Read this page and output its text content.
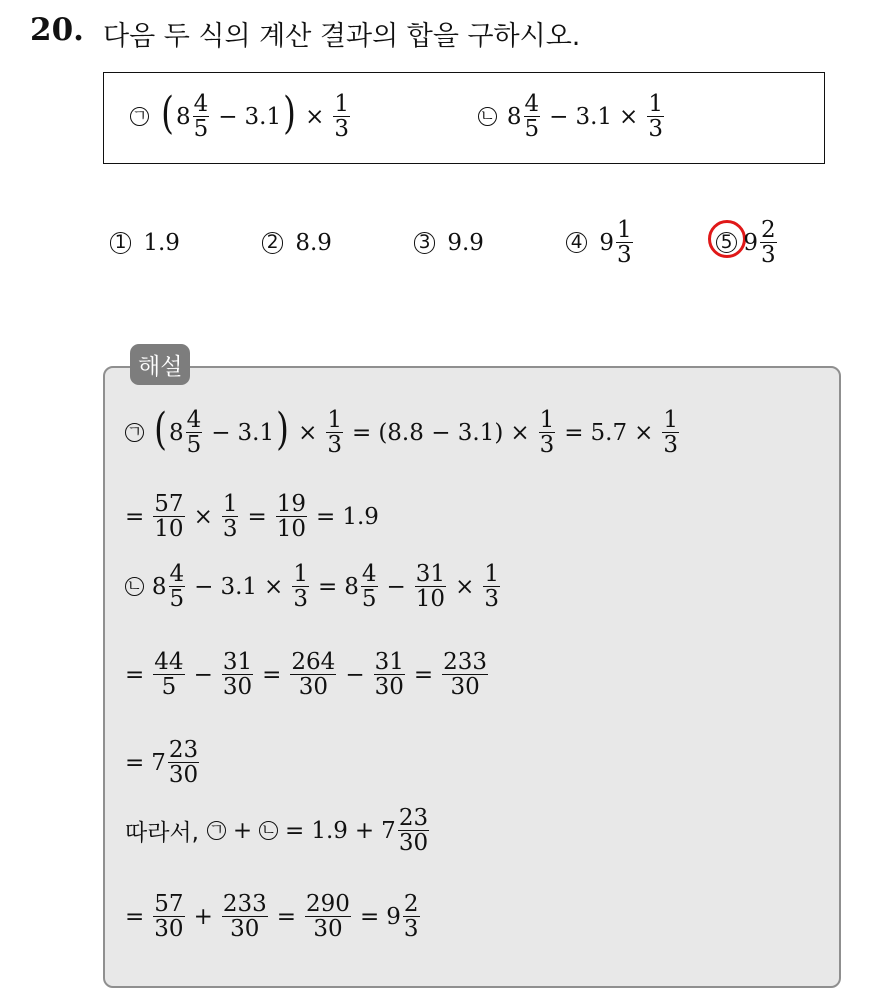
20. 다음 두 식의 계산 결과의 합을 구하시오.
ㄱ ( $8 \frac{4}{5} - 3.1$ ) × $\frac{1}{3}$	ㄴ $8 \frac{4}{5} - 3.1 \times \frac{1}{3}$
1 1.9	2 8.9	3 9.9	4 $9 \frac{1}{3}$	5 $9 \frac{2}{3}$
해설
ㄱ ( $8 \frac{4}{5} - 3.1$ ) × $\frac{1}{3} = (8.8 - 3.1) \times \frac{1}{3} = 5.7 \times \frac{1}{3}$
= $\frac{57}{10} \times \frac{1}{3} = \frac{19}{10} = 1.9$
ㄴ $8 \frac{4}{5} - 3.1 \times \frac{1}{3} = 8 \frac{4}{5} - \frac{31}{10} \times \frac{1}{3}$
= $\frac{44}{5} - \frac{31}{30} = \frac{264}{30} - \frac{31}{30} = \frac{233}{30}$
= $7 \frac{23}{30}$
따라서, ㄱ + ㄴ = $1.9 + 7 \frac{23}{30}$
= $\frac{57}{30} + \frac{233}{30} = \frac{290}{30} = 9 \frac{2}{3}$
